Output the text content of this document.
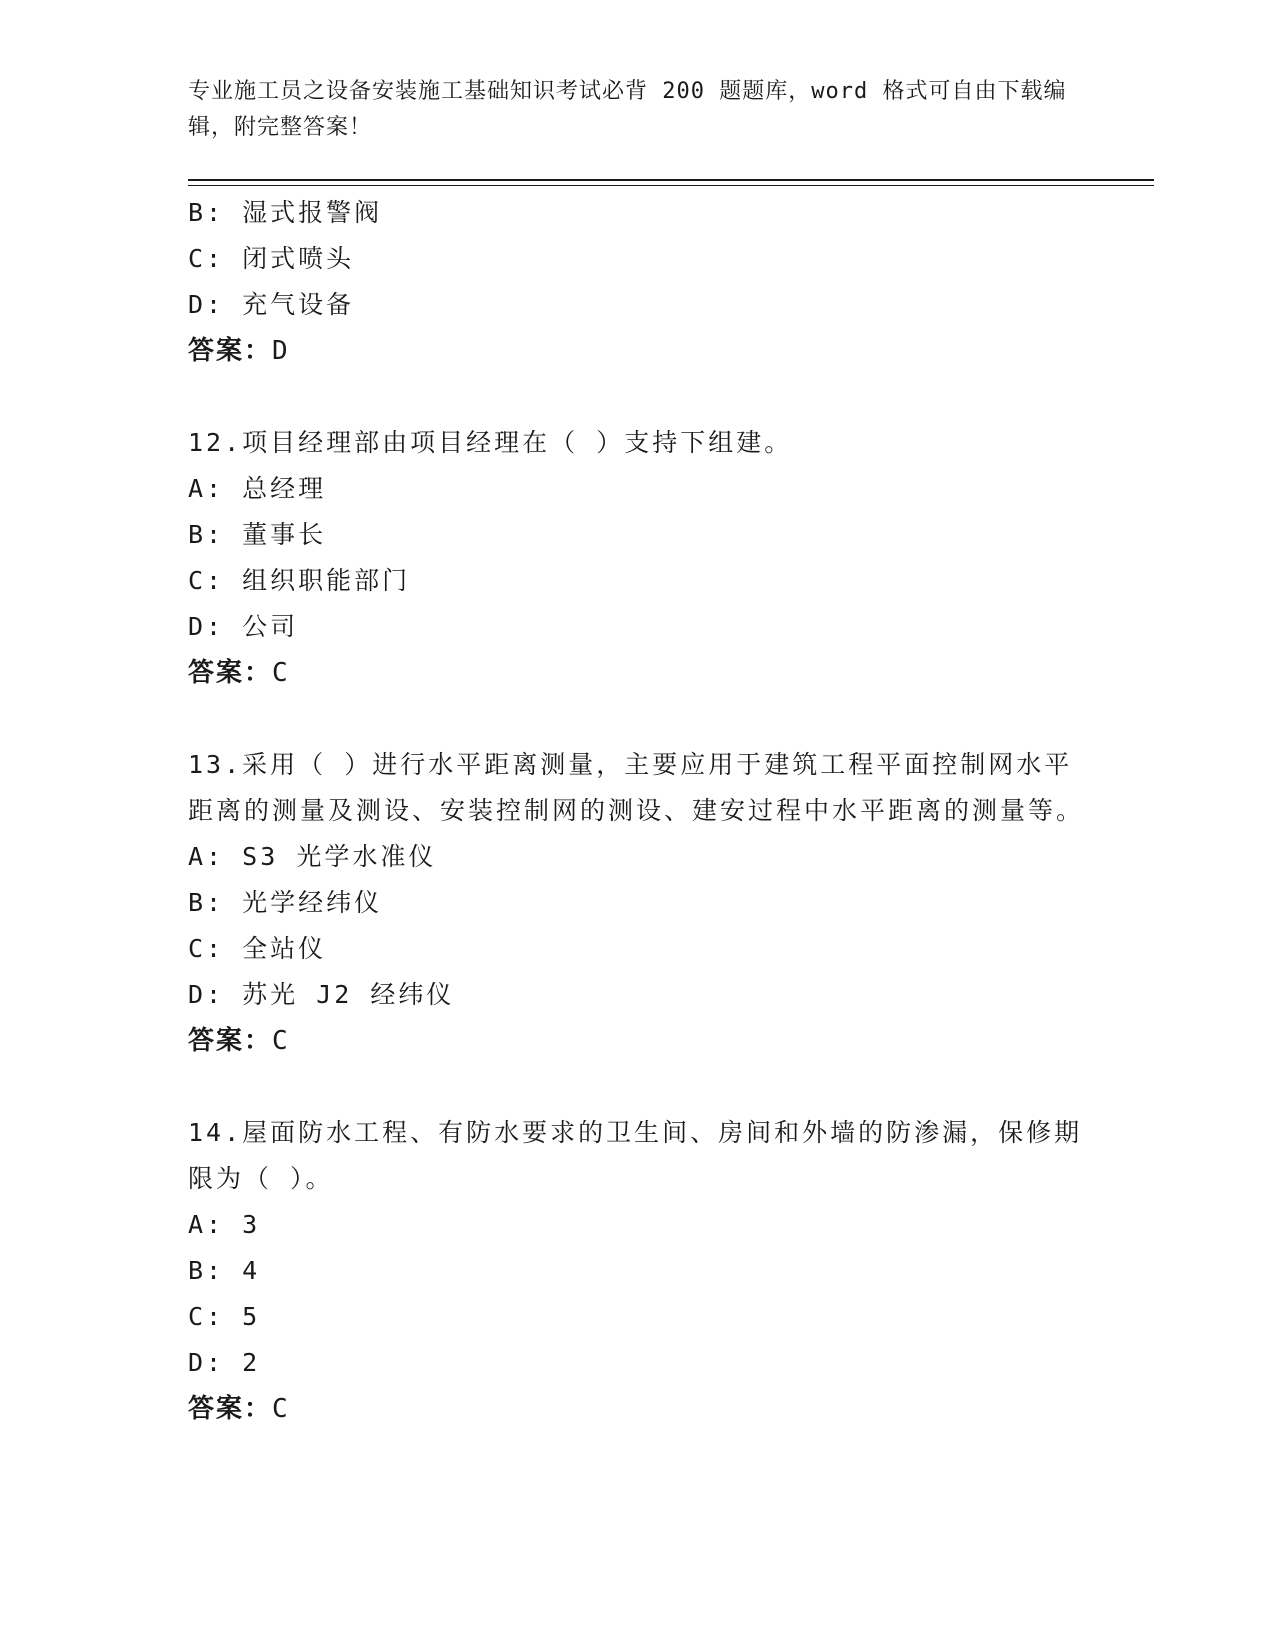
专业施工员之设备安装施工基础知识考试必背 200 题题库，word 格式可自由下载编辑，附完整答案！
B: 湿式报警阀
C: 闭式喷头
D: 充气设备
答案：D
12.项目经理部由项目经理在（ ）支持下组建。
A: 总经理
B: 董事长
C: 组织职能部门
D: 公司
答案：C
13.采用（ ）进行水平距离测量，主要应用于建筑工程平面控制网水平距离的测量及测设、安装控制网的测设、建安过程中水平距离的测量等。
A: S3 光学水准仪
B: 光学经纬仪
C: 全站仪
D: 苏光 J2 经纬仪
答案：C
14.屋面防水工程、有防水要求的卫生间、房间和外墙的防渗漏，保修期限为（ ）。
A: 3
B: 4
C: 5
D: 2
答案：C
